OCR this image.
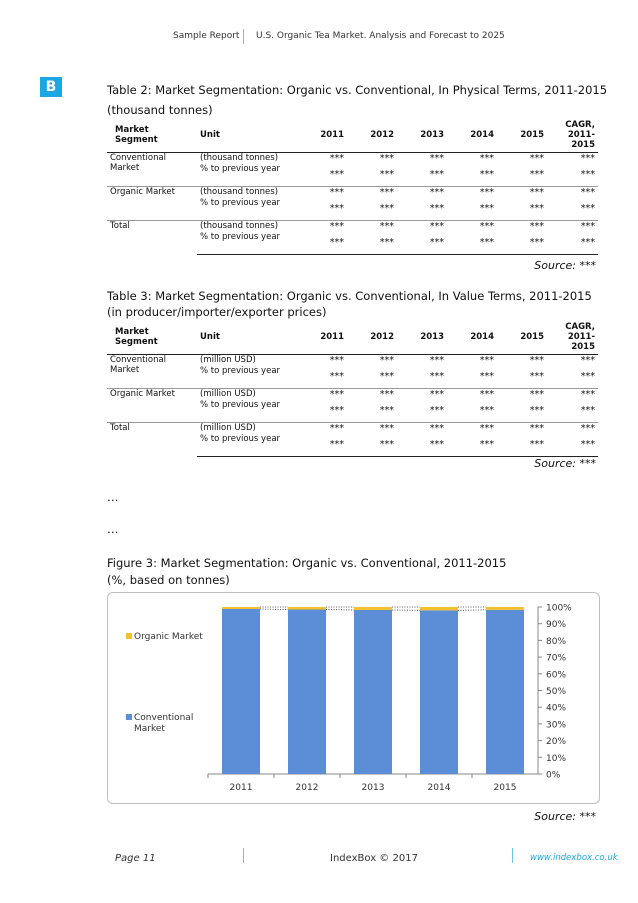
Sample Report U.S. Organic Tea Market. Analysis and Forecast to 2025
B	Table 2: Market Segmentation: Organic vs. Conventional, In Physical Terms, 2011-2015
(thousand tonnes)
Market Segment	Unit	2011	2012	2013	2014	2015	CAGR, 2011-2015
Conventional Market	(thousand tonnes)	***	***	***	***	***	***
	% to previous year	***	***	***	***	***	***
Organic Market	(thousand tonnes)	***	***	***	***	***	***
	% to previous year	***	***	***	***	***	***
Total	(thousand tonnes)	***	***	***	***	***	***
	% to previous year	***	***	***	***	***	***
Source: ***
Table 3: Market Segmentation: Organic vs. Conventional, In Value Terms, 2011-2015
(in producer/importer/exporter prices)
Market Segment	Unit	2011	2012	2013	2014	2015	CAGR, 2011-2015
Conventional Market	(million USD)	***	***	***	***	***	***
	% to previous year	***	***	***	***	***	***
Organic Market	(million USD)	***	***	***	***	***	***
	% to previous year	***	***	***	***	***	***
Total	(million USD)	***	***	***	***	***	***
	% to previous year	***	***	***	***	***	***
Source: ***
…
…
Figure 3: Market Segmentation: Organic vs. Conventional, 2011-2015
(%, based on tonnes)
0%
10%
20%
30%
40%
50%
60%
70%
80%
90%
100%
2011	2012	2013	2014	2015
Organic Market
Conventional
Market
Source: ***
Page 11	IndexBox © 2017	www.indexbox.co.uk
